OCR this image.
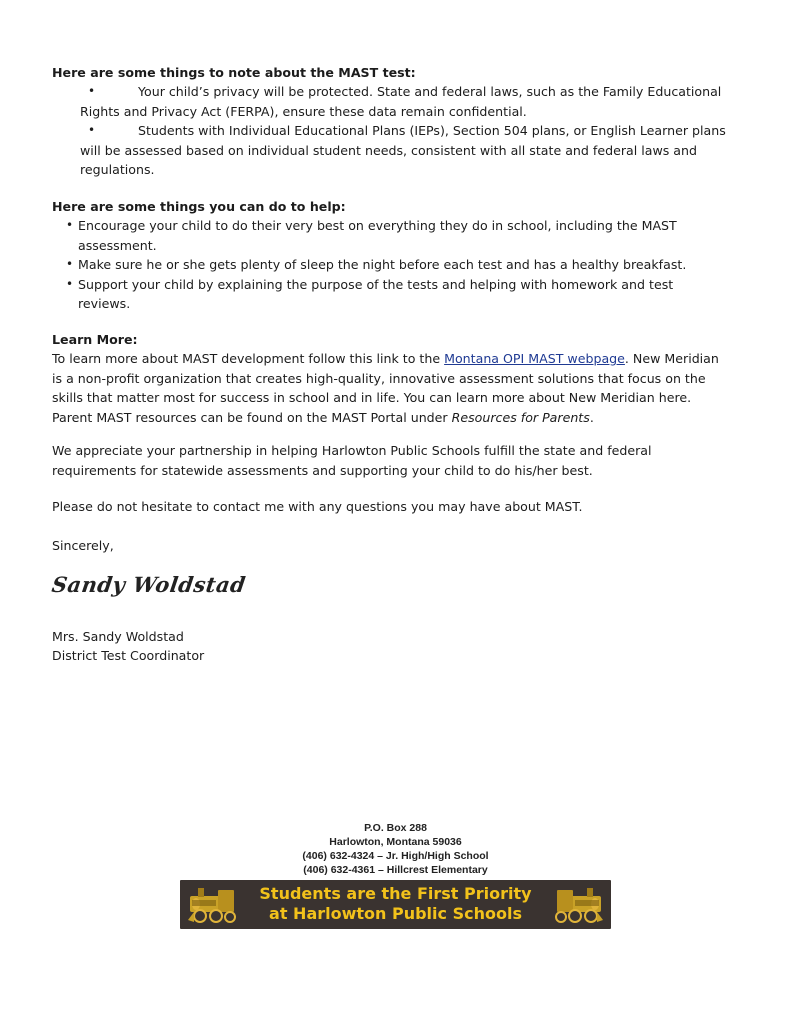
Here are some things to note about the MAST test:

•	Your child’s privacy will be protected. State and federal laws, such as the Family Educational
Rights and Privacy Act (FERPA), ensure these data remain confidential.
•	Students with Individual Educational Plans (IEPs), Section 504 plans, or English Learner plans
will be assessed based on individual student needs, consistent with all state and federal laws and regulations.

Here are some things you can do to help:

• Encourage your child to do their very best on everything they do in school, including the MAST assessment.
• Make sure he or she gets plenty of sleep the night before each test and has a healthy breakfast.
• Support your child by explaining the purpose of the tests and helping with homework and test reviews.

Learn More:

To learn more about MAST development follow this link to the Montana OPI MAST webpage. New Meridian is a non-profit organization that creates high-quality, innovative assessment solutions that focus on the skills that matter most for success in school and in life. You can learn more about New Meridian here. Parent MAST resources can be found on the MAST Portal under Resources for Parents.

We appreciate your partnership in helping Harlowton Public Schools fulfill the state and federal requirements for statewide assessments and supporting your child to do his/her best.

Please do not hesitate to contact me with any questions you may have about MAST.

Sincerely,

Sandy Woldstad

Mrs. Sandy Woldstad

District Test Coordinator

P.O. Box 288
Harlowton, Montana 59036
(406) 632-4324 – Jr. High/High School
(406) 632-4361 – Hillcrest Elementary
Students are the First Priority
at Harlowton Public Schools
